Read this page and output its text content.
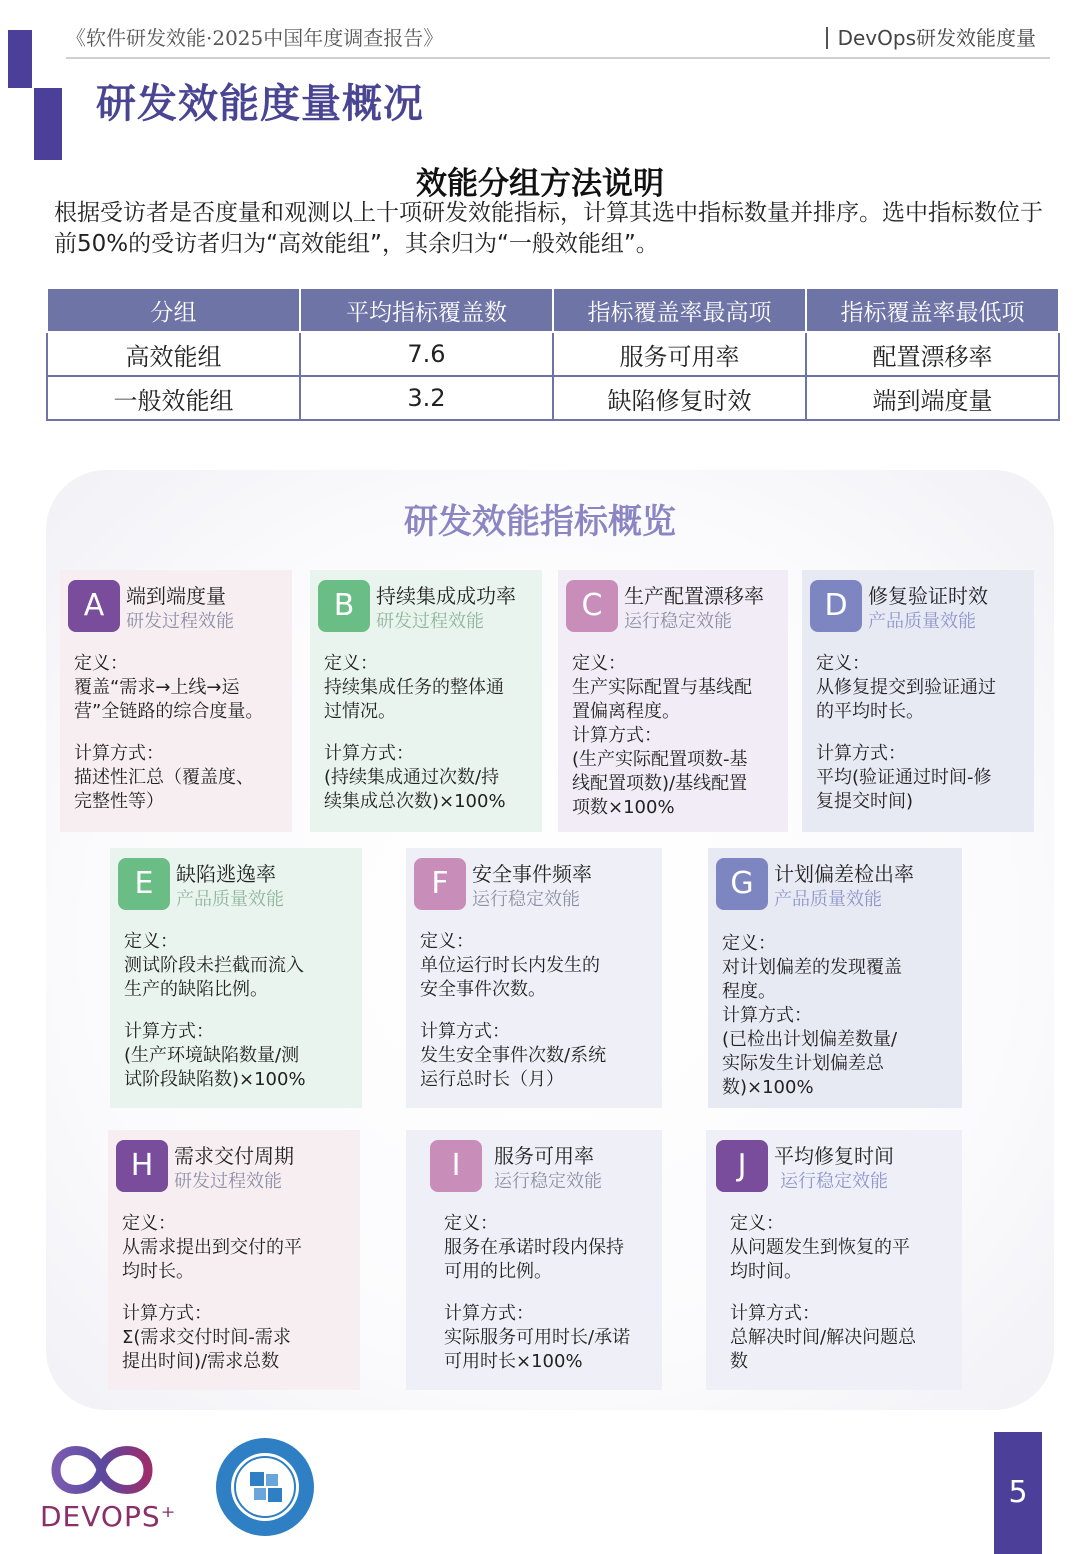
《软件研发效能·2025中国年度调查报告》	DevOps研发效能度量
研发效能度量概况
效能分组方法说明
根据受访者是否度量和观测以上十项研发效能指标，计算其选中指标数量并排序。选中指标数位于前50%的受访者归为“高效能组”，其余归为“一般效能组”。
分组	平均指标覆盖数	指标覆盖率最高项	指标覆盖率最低项
高效能组	7.6	服务可用率	配置漂移率
一般效能组	3.2	缺陷修复时效	端到端度量
研发效能指标概览
A	端到端度量
研发过程效能
定义：
覆盖“需求→上线→运
营”全链路的综合度量。
计算方式：
描述性汇总（覆盖度、
完整性等）
B	持续集成成功率
研发过程效能
定义：
持续集成任务的整体通
过情况。
计算方式：
(持续集成通过次数/持
续集成总次数)×100%
C	生产配置漂移率
运行稳定效能
定义：
生产实际配置与基线配
置偏离程度。
计算方式：
(生产实际配置项数-基
线配置项数)/基线配置
项数×100%
D	修复验证时效
产品质量效能
定义：
从修复提交到验证通过
的平均时长。
计算方式：
平均(验证通过时间-修
复提交时间)
E	缺陷逃逸率
产品质量效能
定义：
测试阶段未拦截而流入
生产的缺陷比例。
计算方式：
(生产环境缺陷数量/测
试阶段缺陷数)×100%
F	安全事件频率
运行稳定效能
定义：
单位运行时长内发生的
安全事件次数。
计算方式：
发生安全事件次数/系统
运行总时长（月）
G	计划偏差检出率
产品质量效能
定义：
对计划偏差的发现覆盖
程度。
计算方式：
(已检出计划偏差数量/
实际发生计划偏差总
数)×100%
H	需求交付周期
研发过程效能
定义：
从需求提出到交付的平
均时长。
计算方式：
Σ(需求交付时间-需求
提出时间)/需求总数
I	服务可用率
运行稳定效能
定义：
服务在承诺时段内保持
可用的比例。
计算方式：
实际服务可用时长/承诺
可用时长×100%
J	平均修复时间
运行稳定效能
定义：
从问题发生到恢复的平
均时间。
计算方式：
总解决时间/解决问题总
数
DEVOPS⁺
5
